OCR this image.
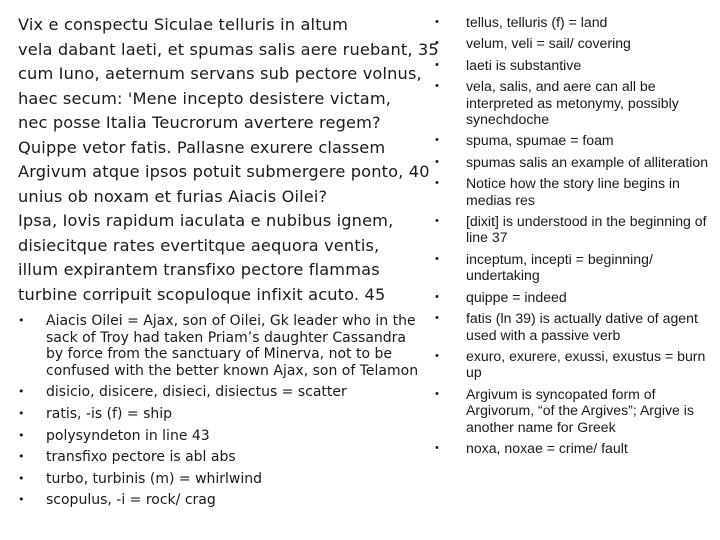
Vix e conspectu Siculae telluris in altum
vela dabant laeti, et spumas salis aere ruebant, 35
cum Iuno, aeternum servans sub pectore volnus,
haec secum: 'Mene incepto desistere victam,
nec posse Italia Teucrorum avertere regem?
Quippe vetor fatis. Pallasne exurere classem
Argivum atque ipsos potuit submergere ponto, 40
unius ob noxam et furias Aiacis Oilei?
Ipsa, Iovis rapidum iaculata e nubibus ignem,
disiecitque rates evertitque aequora ventis,
illum expirantem transfixo pectore flammas
turbine corripuit scopuloque infixit acuto. 45
• Aiacis Oilei = Ajax, son of Oilei, Gk leader who in the sack of Troy had taken Priam’s daughter Cassandra by force from the sanctuary of Minerva, not to be confused with the better known Ajax, son of Telamon
• disicio, disicere, disieci, disiectus = scatter
• ratis, -is (f) = ship
• polysyndeton in line 43
• transfixo pectore is abl abs
• turbo, turbinis (m) = whirlwind
• scopulus, -i = rock/ crag
• tellus, telluris (f) = land
• velum, veli = sail/ covering
• laeti is substantive
• vela, salis, and aere can all be interpreted as metonymy, possibly synechdoche
• spuma, spumae = foam
• spumas salis an example of alliteration
• Notice how the story line begins in medias res
• [dixit] is understood in the beginning of line 37
• inceptum, incepti = beginning/ undertaking
• quippe = indeed
• fatis (ln 39) is actually dative of agent used with a passive verb
• exuro, exurere, exussi, exustus = burn up
• Argivum is syncopated form of Argivorum, “of the Argives”; Argive is another name for Greek
• noxa, noxae = crime/ fault
